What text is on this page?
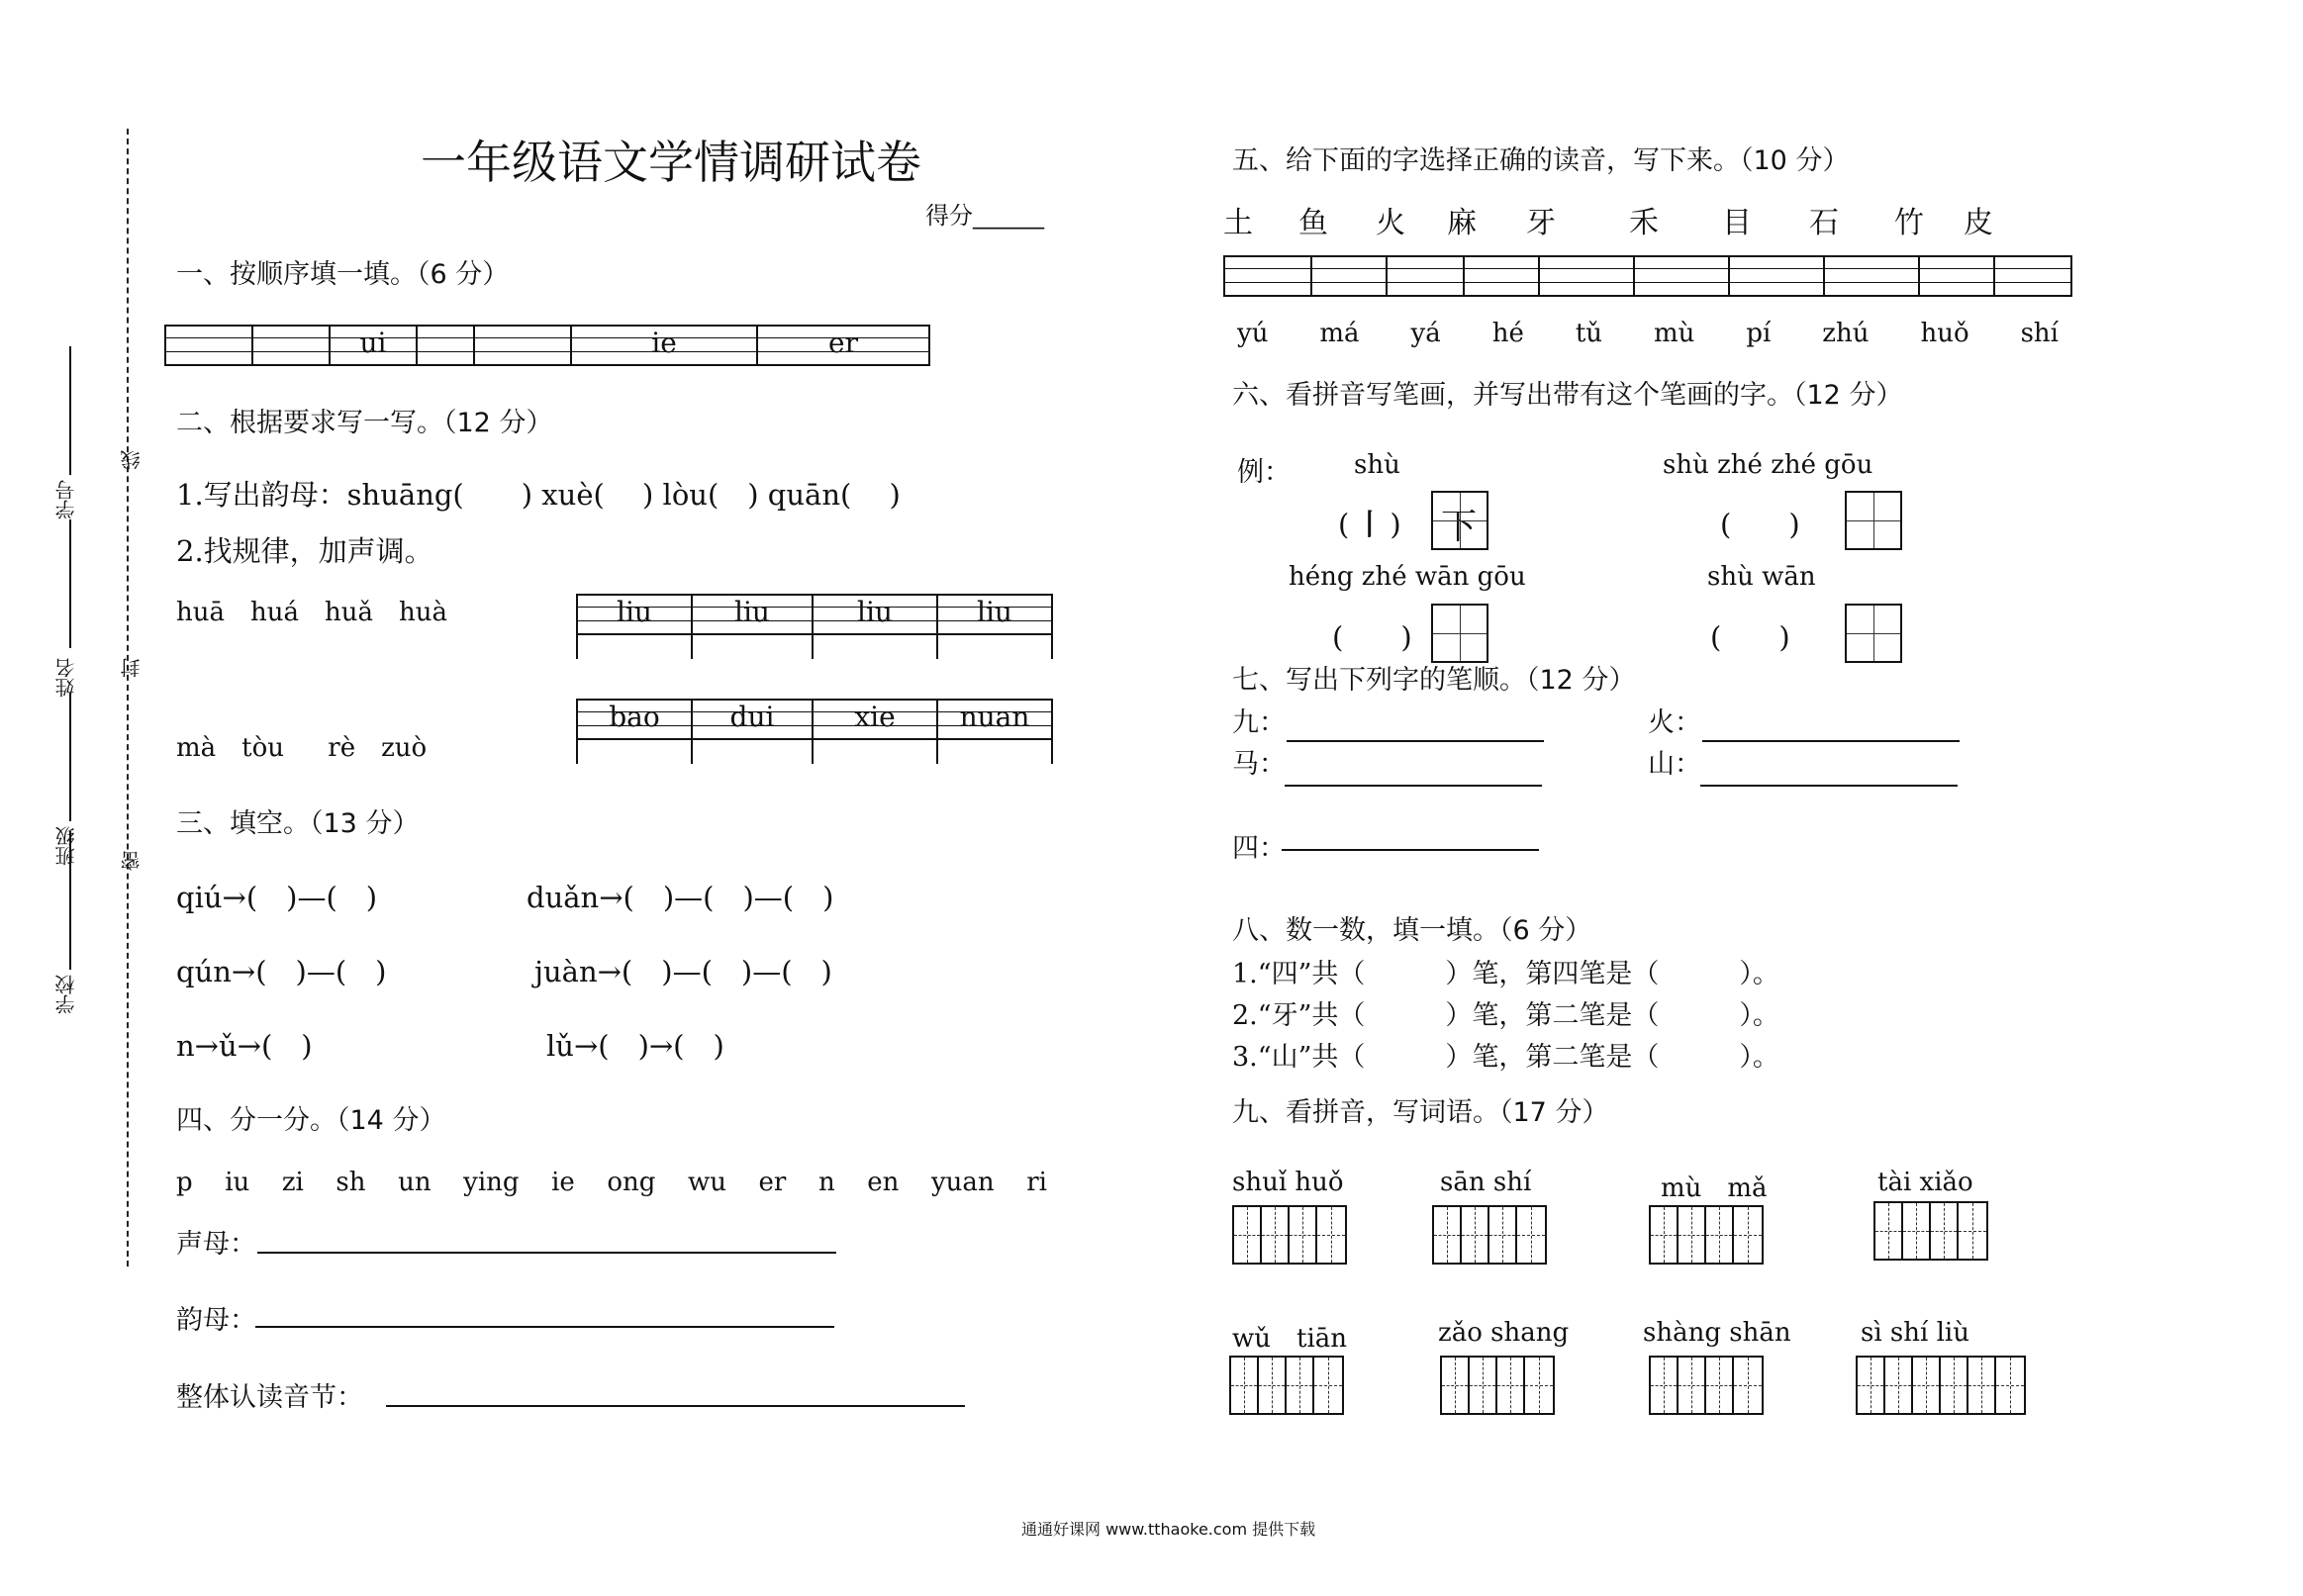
学校
班级
姓名
学号
密
封
线
一年级语文学情调研试卷
得分______
一、按顺序填一填。（6 分）
ui	ie	er
二、根据要求写一写。（12 分）
1.写出韵母：shuāng(　　) xuè(　 ) lòu(　) quān(　 )
2.找规律，加声调。
huā　huá　huǎ　huà
mà　tòu　 rè　zuò
liu	liu	liu	liu
bao	dui	xie	nuan
三、填空。（13 分）
qiú→(　)—(　)	duǎn→(　)—(　)—(　)
qún→(　)—(　)	juàn→(　)—(　)—(　)
n→ǔ→(　)	lǔ→(　)→(　)
四、分一分。（14 分）
p iu zi sh un ying ie ong wu er n en yuan ri
声母：
韵母：
整体认读音节：
五、给下面的字选择正确的读音，写下来。（10 分）
土	鱼	火	麻	牙	禾	目	石	竹	皮
yú má yá hé tǔ mù pí zhú huǒ shí
六、看拼音写笔画，并写出带有这个笔画的字。（12 分）
例： shù	shù zhé zhé gōu
( 丨 ) 下	(　　)
héng zhé wān gōu	shù wān
(　　)	(　　)
七、写出下列字的笔顺。（12 分）
九：	火：
马：	山：
四：
八、数一数，填一填。（6 分）
1.“四”共（　　　）笔，第四笔是（　　　）。
2.“牙”共（　　　）笔，第二笔是（　　　）。
3.“山”共（　　　）笔，第二笔是（　　　）。
九、看拼音，写词语。（17 分）
shuǐ huǒ	sān shí	mù　mǎ	tài xiǎo
wǔ　tiān	zǎo shang	shàng shān	sì shí liù
通通好课网 www.tthaoke.com 提供下载
